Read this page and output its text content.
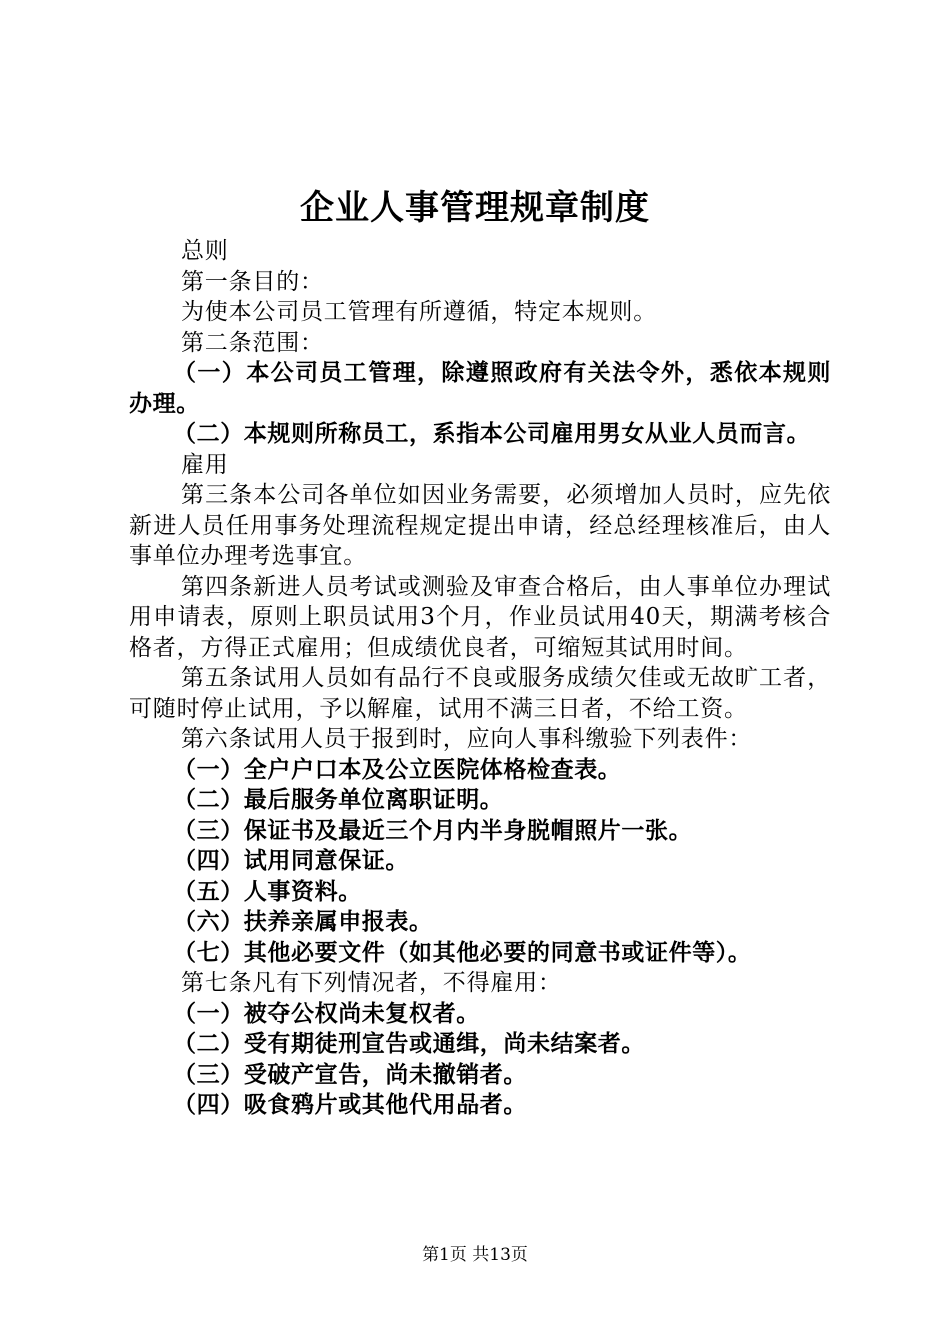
企业人事管理规章制度

总则

第一条目的：

为使本公司员工管理有所遵循，特定本规则。

第二条范围：

（一）本公司员工管理，除遵照政府有关法令外，悉依本规则办理。

（二）本规则所称员工，系指本公司雇用男女从业人员而言。

雇用

第三条本公司各单位如因业务需要，必须增加人员时，应先依新进人员任用事务处理流程规定提出申请，经总经理核准后，由人事单位办理考选事宜。

第四条新进人员考试或测验及审查合格后，由人事单位办理试用申请表，原则上职员试用3个月，作业员试用40天，期满考核合格者，方得正式雇用；但成绩优良者，可缩短其试用时间。

第五条试用人员如有品行不良或服务成绩欠佳或无故旷工者，可随时停止试用，予以解雇，试用不满三日者，不给工资。

第六条试用人员于报到时，应向人事科缴验下列表件：

（一）全户户口本及公立医院体格检查表。

（二）最后服务单位离职证明。

（三）保证书及最近三个月内半身脱帽照片一张。

（四）试用同意保证。

（五）人事资料。

（六）扶养亲属申报表。

（七）其他必要文件（如其他必要的同意书或证件等）。

第七条凡有下列情况者，不得雇用：

（一）被夺公权尚未复权者。

（二）受有期徒刑宣告或通缉，尚未结案者。

（三）受破产宣告，尚未撤销者。

（四）吸食鸦片或其他代用品者。

第1页 共13页
